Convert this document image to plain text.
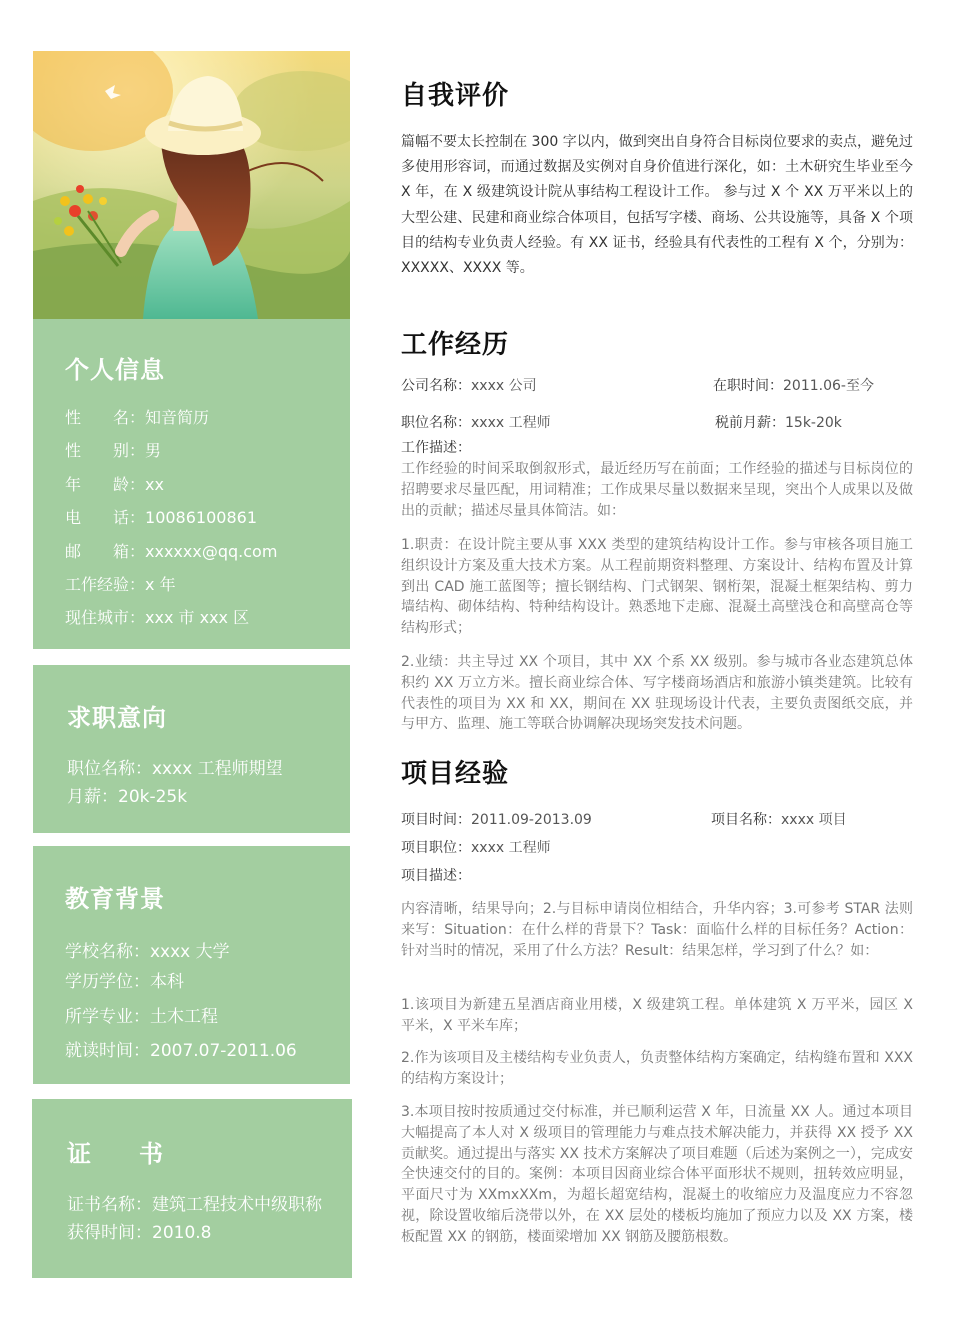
个人信息
性　　名：知音简历
性　　别：男
年　　龄：xx
电　　话：10086100861
邮　　箱：xxxxxx@qq.com
工作经验：x 年
现住城市：xxx 市 xxx 区
求职意向
职位名称：xxxx 工程师期望
月薪：20k-25k
教育背景
学校名称：xxxx 大学
学历学位：本科
所学专业：土木工程
就读时间：2007.07-2011.06
证 书
证书名称：建筑工程技术中级职称
获得时间：2010.8
自我评价

篇幅不要太长控制在 300 字以内，做到突出自身符合目标岗位要求的卖点，避免过多使用形容词，而通过数据及实例对自身价值进行深化，如：土木研究生毕业至今 X 年，在 X 级建筑设计院从事结构工程设计工作。 参与过 X 个 XX 万平米以上的大型公建、民建和商业综合体项目，包括写字楼、商场、公共设施等，具备 X 个项目的结构专业负责人经验。有 XX 证书，经验具有代表性的工程有 X 个，分别为：XXXXX、XXXX 等。

工作经历
公司名称：xxxx 公司	在职时间：2011.06-至今
职位名称：xxxx 工程师	税前月薪：15k-20k
工作描述：

工作经验的时间采取倒叙形式，最近经历写在前面；工作经验的描述与目标岗位的招聘要求尽量匹配，用词精准；工作成果尽量以数据来呈现，突出个人成果以及做出的贡献；描述尽量具体简洁。如：

1.职责：在设计院主要从事 XXX 类型的建筑结构设计工作。参与审核各项目施工组织设计方案及重大技术方案。从工程前期资料整理、方案设计、结构布置及计算到出 CAD 施工蓝图等；擅长钢结构、门式钢架、钢桁架，混凝土框架结构、剪力墙结构、砌体结构、特种结构设计。熟悉地下走廊、混凝土高壁浅仓和高壁高仓等结构形式；

2.业绩：共主导过 XX 个项目，其中 XX 个系 XX 级别。参与城市各业态建筑总体积约 XX 万立方米。擅长商业综合体、写字楼商场酒店和旅游小镇类建筑。比较有代表性的项目为 XX 和 XX，期间在 XX 驻现场设计代表，主要负责图纸交底，并与甲方、监理、施工等联合协调解决现场突发技术问题。

项目经验
项目时间：2011.09-2013.09	项目名称：xxxx 项目
项目职位：xxxx 工程师
项目描述：

内容清晰，结果导向；2.与目标申请岗位相结合，升华内容；3.可参考 STAR 法则来写：Situation：在什么样的背景下？Task：面临什么样的目标任务？Action：针对当时的情况，采用了什么方法？Result：结果怎样，学习到了什么？如：

1.该项目为新建五星酒店商业用楼，X 级建筑工程。单体建筑 X 万平米，园区 X 平米，X 平米车库；

2.作为该项目及主楼结构专业负责人，负责整体结构方案确定，结构缝布置和 XXX 的结构方案设计；

3.本项目按时按质通过交付标准，并已顺利运营 X 年，日流量 XX 人。通过本项目大幅提高了本人对 X 级项目的管理能力与难点技术解决能力，并获得 XX 授予 XX 贡献奖。通过提出与落实 XX 技术方案解决了项目难题（后述为案例之一），完成安全快速交付的目的。案例：本项目因商业综合体平面形状不规则，扭转效应明显，平面尺寸为 XXmxXXm，为超长超宽结构，混凝土的收缩应力及温度应力不容忽视，除设置收缩后浇带以外，在 XX 层处的楼板均施加了预应力以及 XX 方案，楼板配置 XX 的钢筋，楼面梁增加 XX 钢筋及腰筋根数。
